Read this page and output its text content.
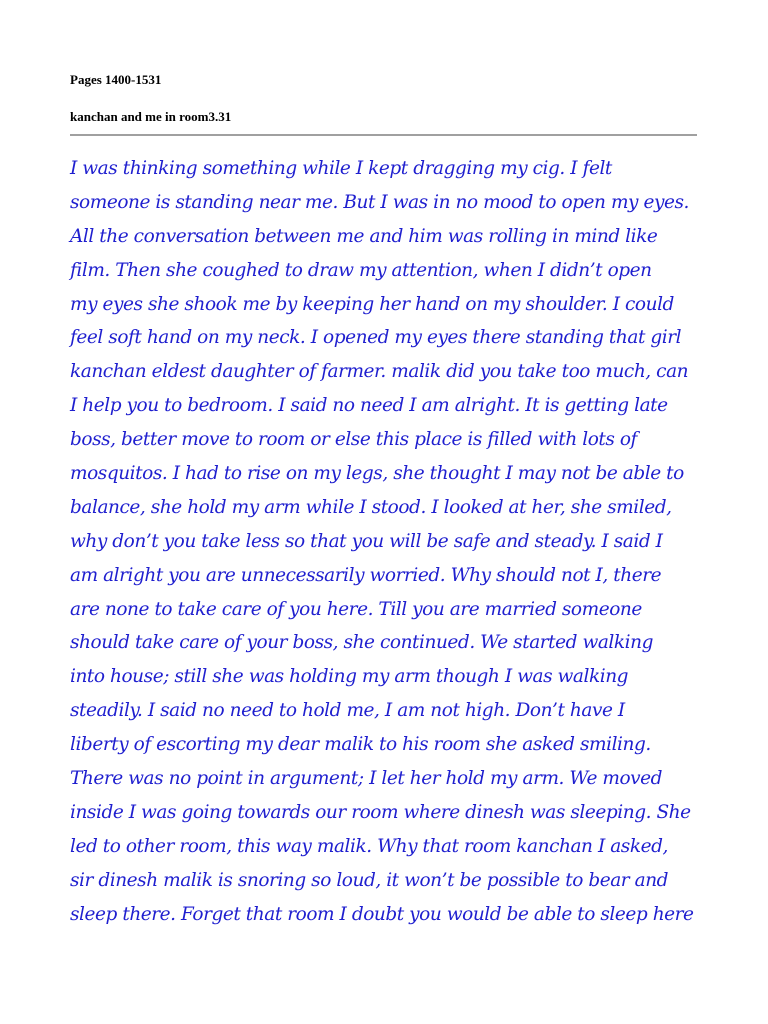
Pages 1400-1531

kanchan and me in room3.31

I was thinking something while I kept dragging my cig. I felt
someone is standing near me. But I was in no mood to open my eyes.
All the conversation between me and him was rolling in mind like
film. Then she coughed to draw my attention, when I didn’t open
my eyes she shook me by keeping her hand on my shoulder. I could
feel soft hand on my neck. I opened my eyes there standing that girl
kanchan eldest daughter of farmer. malik did you take too much, can
I help you to bedroom. I said no need I am alright. It is getting late
boss, better move to room or else this place is filled with lots of
mosquitos. I had to rise on my legs, she thought I may not be able to
balance, she hold my arm while I stood. I looked at her, she smiled,
why don’t you take less so that you will be safe and steady. I said I
am alright you are unnecessarily worried. Why should not I, there
are none to take care of you here. Till you are married someone
should take care of your boss, she continued. We started walking
into house; still she was holding my arm though I was walking
steadily. I said no need to hold me, I am not high. Don’t have I
liberty of escorting my dear malik to his room she asked smiling.
There was no point in argument; I let her hold my arm. We moved
inside I was going towards our room where dinesh was sleeping. She
led to other room, this way malik. Why that room kanchan I asked,
sir dinesh malik is snoring so loud, it won’t be possible to bear and
sleep there. Forget that room I doubt you would be able to sleep here
